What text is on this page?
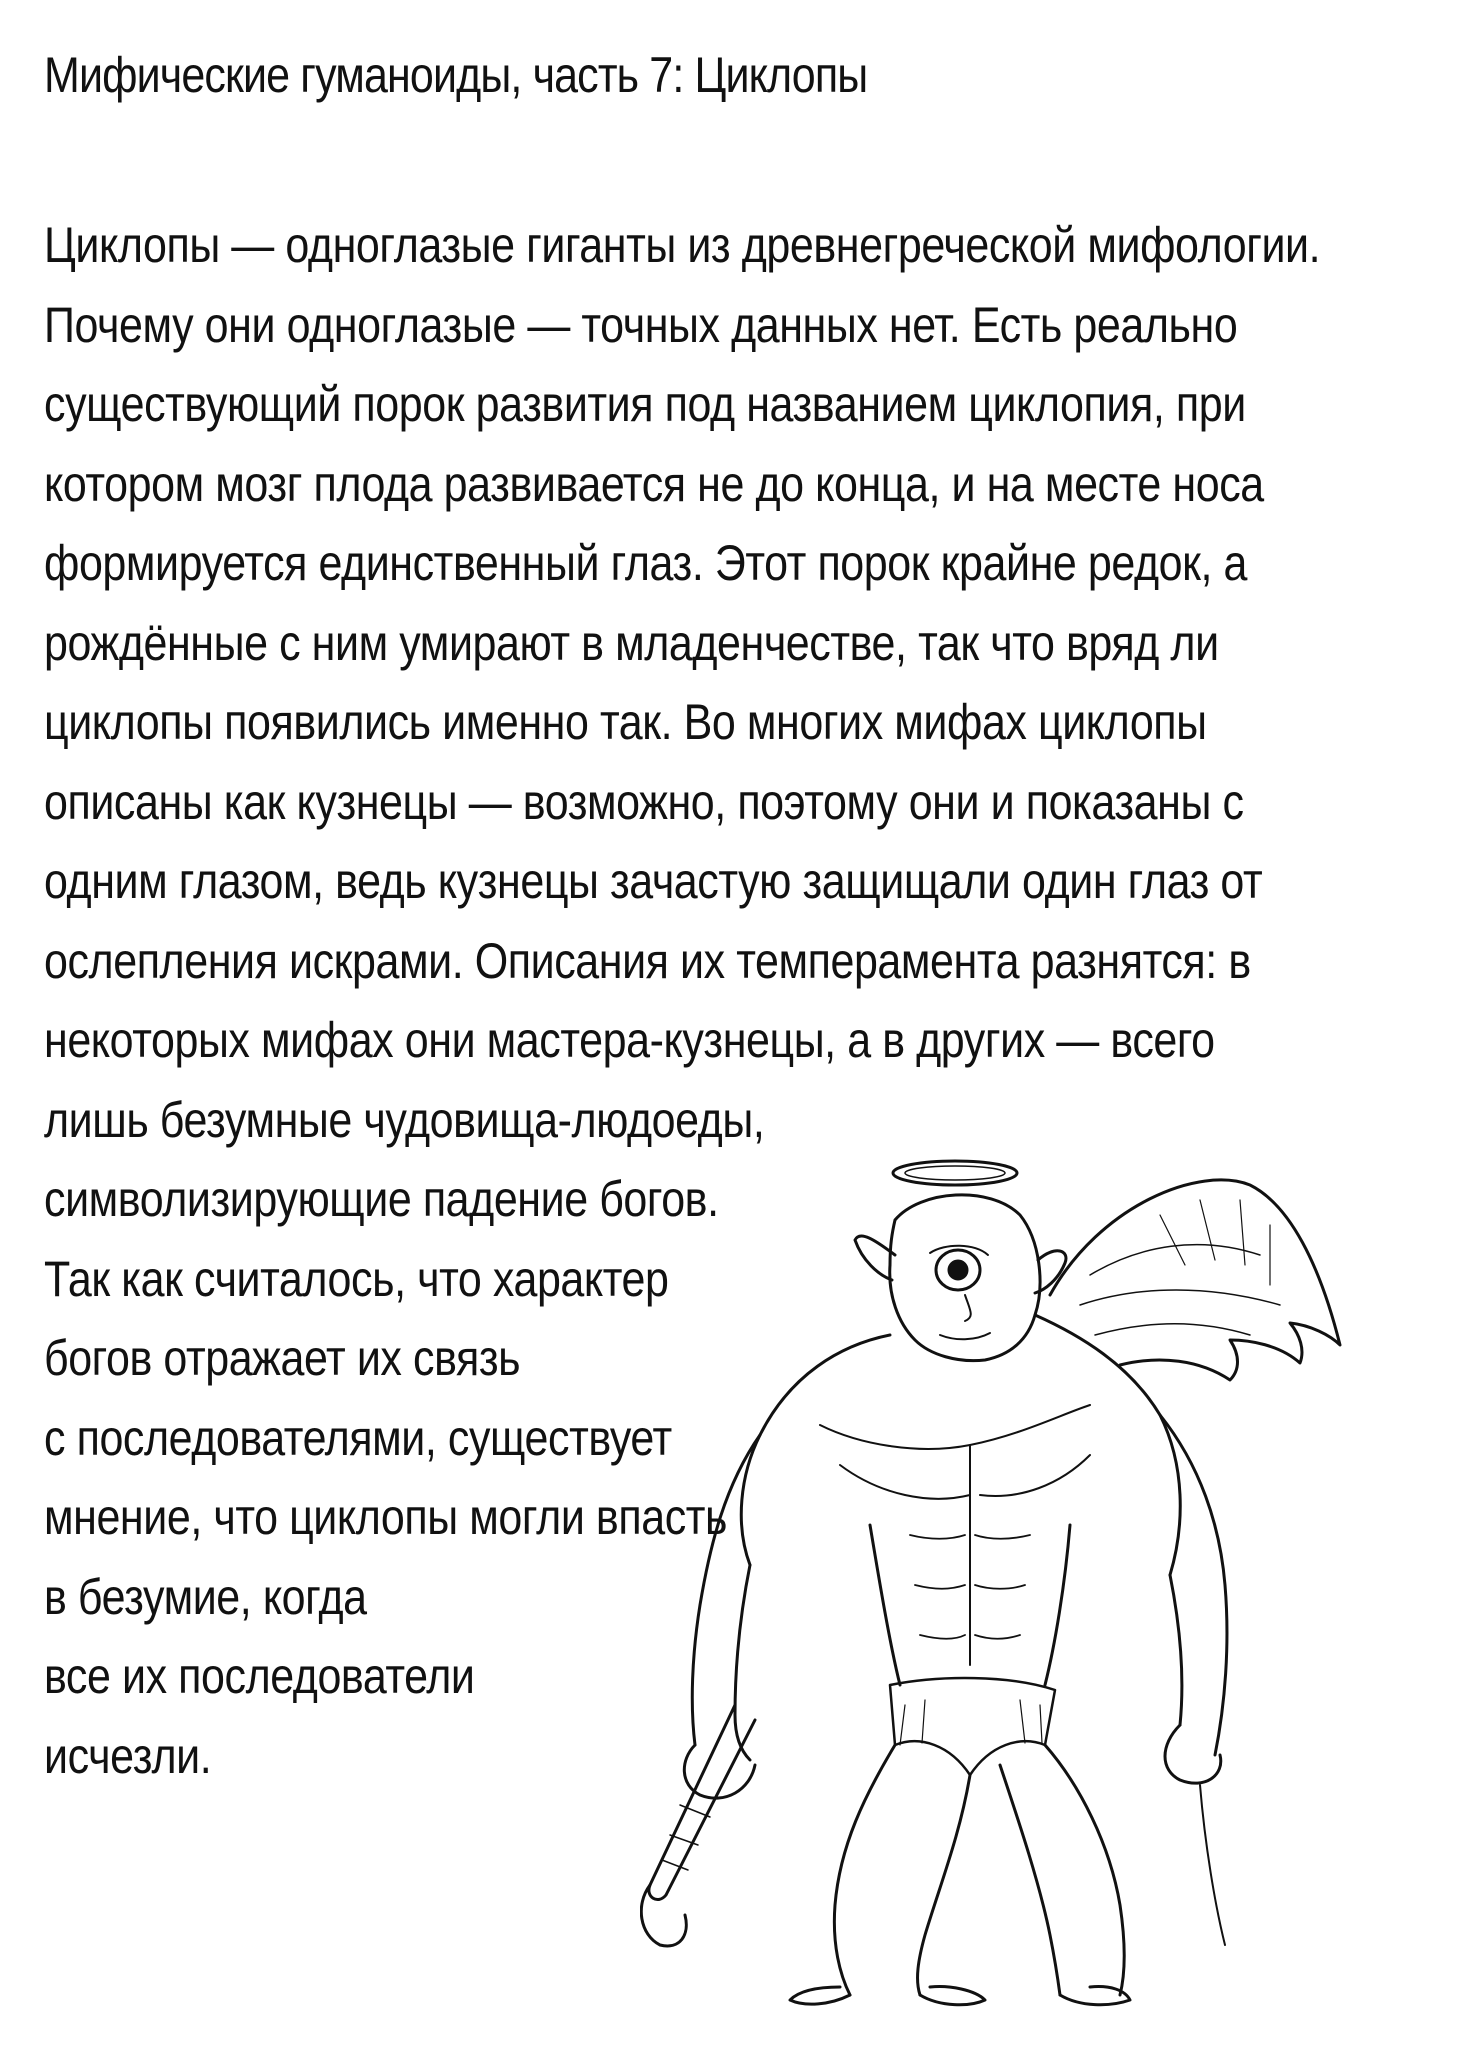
Мифические гуманоиды, часть 7: Циклопы
Циклопы — одноглазые гиганты из древнегреческой мифологии.
Почему они одноглазые — точных данных нет. Есть реально
существующий порок развития под названием циклопия, при
котором мозг плода развивается не до конца, и на месте носа
формируется единственный глаз. Этот порок крайне редок, а
рождённые с ним умирают в младенчестве, так что вряд ли
циклопы появились именно так. Во многих мифах циклопы
описаны как кузнецы — возможно, поэтому они и показаны с
одним глазом, ведь кузнецы зачастую защищали один глаз от
ослепления искрами. Описания их темперамента разнятся: в
некоторых мифах они мастера-кузнецы, а в других — всего
лишь безумные чудовища-людоеды,
символизирующие падение богов.
Так как считалось, что характер
богов отражает их связь
с последователями, существует
мнение, что циклопы могли впасть
в безумие, когда
все их последователи
исчезли.
